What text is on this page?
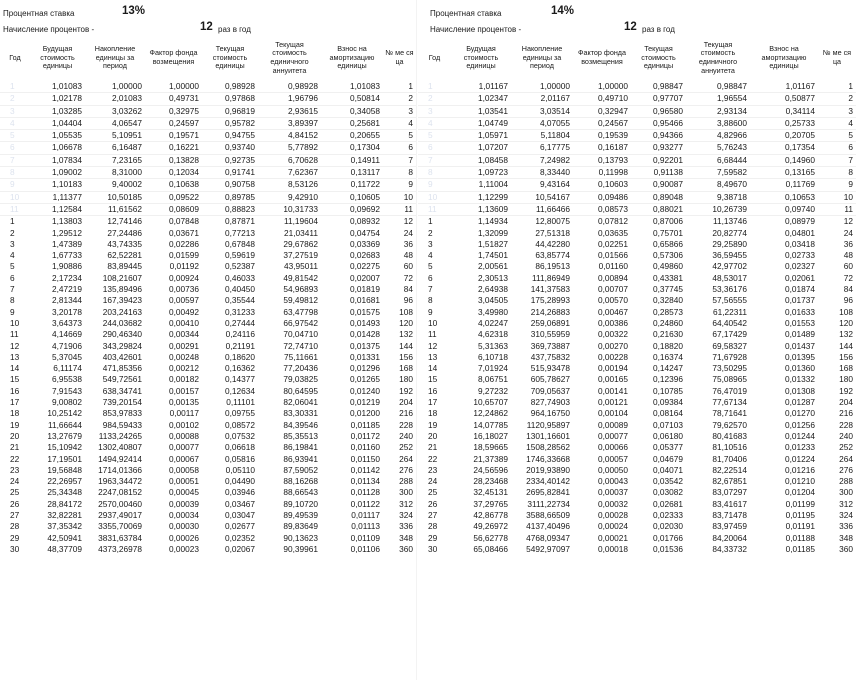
Процентная ставка	13%
Начисление процентов -	12 раз в год
Год	Будущая стоимость единицы	Накопление единицы за период	Фактор фонда возмещения	Текущая стоимость единицы	Текущая стоимость единичного аннуитета	Взнос на амортизацию единицы	№ ме ся ца
1	1,01083	1,00000	1,00000	0,98928	0,98928	1,01083	1
2	1,02178	2,01083	0,49731	0,97868	1,96796	0,50814	2
3	1,03285	3,03262	0,32975	0,96819	2,93615	0,34058	3
4	1,04404	4,06547	0,24597	0,95782	3,89397	0,25681	4
5	1,05535	5,10951	0,19571	0,94755	4,84152	0,20655	5
6	1,06678	6,16487	0,16221	0,93740	5,77892	0,17304	6
7	1,07834	7,23165	0,13828	0,92735	6,70628	0,14911	7
8	1,09002	8,31000	0,12034	0,91741	7,62367	0,13117	8
9	1,10183	9,40002	0,10638	0,90758	8,53126	0,11722	9
10	1,11377	10,50185	0,09522	0,89785	9,42910	0,10605	10
11	1,12584	11,61562	0,08609	0,88823	10,31733	0,09692	11
1	1,13803	12,74146	0,07848	0,87871	11,19604	0,08932	12
2	1,29512	27,24486	0,03671	0,77213	21,03411	0,04754	24
3	1,47389	43,74335	0,02286	0,67848	29,67862	0,03369	36
4	1,67733	62,52281	0,01599	0,59619	37,27519	0,02683	48
5	1,90886	83,89445	0,01192	0,52387	43,95011	0,02275	60
6	2,17234	108,21607	0,00924	0,46033	49,81542	0,02007	72
7	2,47219	135,89496	0,00736	0,40450	54,96893	0,01819	84
8	2,81344	167,39423	0,00597	0,35544	59,49812	0,01681	96
9	3,20178	203,24163	0,00492	0,31233	63,47798	0,01575	108
10	3,64373	244,03682	0,00410	0,27444	66,97542	0,01493	120
11	4,14669	290,46340	0,00344	0,24116	70,04710	0,01428	132
12	4,71906	343,29824	0,00291	0,21191	72,74710	0,01375	144
13	5,37045	403,42601	0,00248	0,18620	75,11661	0,01331	156
14	6,11174	471,85356	0,00212	0,16362	77,20436	0,01296	168
15	6,95538	549,72561	0,00182	0,14377	79,03825	0,01265	180
16	7,91543	638,34741	0,00157	0,12634	80,64595	0,01240	192
17	9,00802	739,20154	0,00135	0,11101	82,06041	0,01219	204
18	10,25142	853,97833	0,00117	0,09755	83,30331	0,01200	216
19	11,66644	984,59433	0,00102	0,08572	84,39546	0,01185	228
20	13,27679	1133,24265	0,00088	0,07532	85,35513	0,01172	240
21	15,10942	1302,40807	0,00077	0,06618	86,19841	0,01160	252
22	17,19501	1494,92414	0,00067	0,05816	86,93941	0,01150	264
23	19,56848	1714,01366	0,00058	0,05110	87,59052	0,01142	276
24	22,26957	1963,34472	0,00051	0,04490	88,16268	0,01134	288
25	25,34348	2247,08152	0,00045	0,03946	88,66543	0,01128	300
26	28,84172	2570,00460	0,00039	0,03467	89,10720	0,01122	312
27	32,82281	2937,49017	0,00034	0,03047	89,49539	0,01117	324
28	37,35342	3355,70069	0,00030	0,02677	89,83649	0,01113	336
29	42,50941	3831,63784	0,00026	0,02352	90,13623	0,01109	348
30	48,37709	4373,26978	0,00023	0,02067	90,39961	0,01106	360
Процентная ставка	14%
Начисление процентов -	12 раз в год
Год	Будущая стоимость единицы	Накопление единицы за период	Фактор фонда возмещения	Текущая стоимость единицы	Текущая стоимость единичного аннуитета	Взнос на амортизацию единицы	№ ме ся ца
1	1,01167	1,00000	1,00000	0,98847	0,98847	1,01167	1
2	1,02347	2,01167	0,49710	0,97707	1,96554	0,50877	2
3	1,03541	3,03514	0,32947	0,96580	2,93134	0,34114	3
4	1,04749	4,07055	0,24567	0,95466	3,88600	0,25733	4
5	1,05971	5,11804	0,19539	0,94366	4,82966	0,20705	5
6	1,07207	6,17775	0,16187	0,93277	5,76243	0,17354	6
7	1,08458	7,24982	0,13793	0,92201	6,68444	0,14960	7
8	1,09723	8,33440	0,11998	0,91138	7,59582	0,13165	8
9	1,11004	9,43164	0,10603	0,90087	8,49670	0,11769	9
10	1,12299	10,54167	0,09486	0,89048	9,38718	0,10653	10
11	1,13609	11,66466	0,08573	0,88021	10,26739	0,09740	11
1	1,14934	12,80075	0,07812	0,87006	11,13746	0,08979	12
2	1,32099	27,51318	0,03635	0,75701	20,82774	0,04801	24
3	1,51827	44,42280	0,02251	0,65866	29,25890	0,03418	36
4	1,74501	63,85774	0,01566	0,57306	36,59455	0,02733	48
5	2,00561	86,19513	0,01160	0,49860	42,97702	0,02327	60
6	2,30513	111,86949	0,00894	0,43381	48,53017	0,02061	72
7	2,64938	141,37583	0,00707	0,37745	53,36176	0,01874	84
8	3,04505	175,28993	0,00570	0,32840	57,56555	0,01737	96
9	3,49980	214,26883	0,00467	0,28573	61,22311	0,01633	108
10	4,02247	259,06891	0,00386	0,24860	64,40542	0,01553	120
11	4,62318	310,55959	0,00322	0,21630	67,17429	0,01489	132
12	5,31363	369,73887	0,00270	0,18820	69,58327	0,01437	144
13	6,10718	437,75832	0,00228	0,16374	71,67928	0,01395	156
14	7,01924	515,93478	0,00194	0,14247	73,50295	0,01360	168
15	8,06751	605,78627	0,00165	0,12396	75,08965	0,01332	180
16	9,27232	709,05637	0,00141	0,10785	76,47019	0,01308	192
17	10,65707	827,74903	0,00121	0,09384	77,67134	0,01287	204
18	12,24862	964,16750	0,00104	0,08164	78,71641	0,01270	216
19	14,07785	1120,95897	0,00089	0,07103	79,62570	0,01256	228
20	16,18027	1301,16601	0,00077	0,06180	80,41683	0,01244	240
21	18,59665	1508,28562	0,00066	0,05377	81,10516	0,01233	252
22	21,37389	1746,33668	0,00057	0,04679	81,70406	0,01224	264
23	24,56596	2019,93890	0,00050	0,04071	82,22514	0,01216	276
24	28,23468	2334,40142	0,00043	0,03542	82,67851	0,01210	288
25	32,45131	2695,82841	0,00037	0,03082	83,07297	0,01204	300
26	37,29765	3111,22734	0,00032	0,02681	83,41617	0,01199	312
27	42,86778	3588,66509	0,00028	0,02333	83,71478	0,01195	324
28	49,26972	4137,40496	0,00024	0,02030	83,97459	0,01191	336
29	56,62778	4768,09347	0,00021	0,01766	84,20064	0,01188	348
30	65,08466	5492,97097	0,00018	0,01536	84,33732	0,01185	360
